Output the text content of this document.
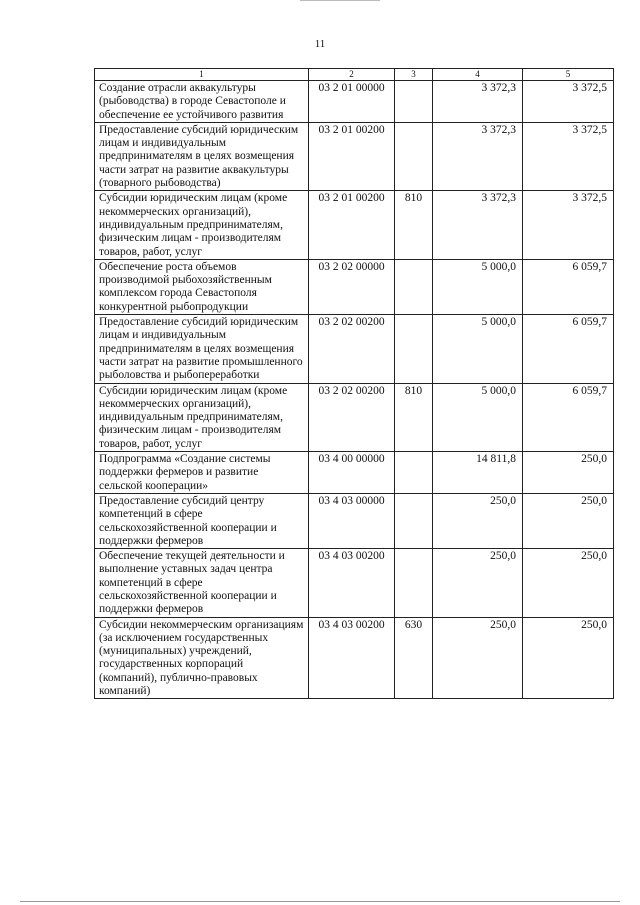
11
1	2	3	4	5
Создание отрасли аквакультуры (рыбоводства) в городе Севастополе и обеспечение ее устойчивого развития	03 2 01 00000		3 372,3	3 372,5
Предоставление субсидий юридическим лицам и индивидуальным предпринимателям в целях возмещения части затрат на развитие аквакультуры (товарного рыбоводства)	03 2 01 00200		3 372,3	3 372,5
Субсидии юридическим лицам (кроме некоммерческих организаций), индивидуальным предпринимателям, физическим лицам - производителям товаров, работ, услуг	03 2 01 00200	810	3 372,3	3 372,5
Обеспечение роста объемов производимой рыбохозяйственным комплексом города Севастополя конкурентной рыбопродукции	03 2 02 00000		5 000,0	6 059,7
Предоставление субсидий юридическим лицам и индивидуальным предпринимателям в целях возмещения части затрат на развитие промышленного рыболовства и рыбопереработки	03 2 02 00200		5 000,0	6 059,7
Субсидии юридическим лицам (кроме некоммерческих организаций), индивидуальным предпринимателям, физическим лицам - производителям товаров, работ, услуг	03 2 02 00200	810	5 000,0	6 059,7
Подпрограмма «Создание системы поддержки фермеров и развитие сельской кооперации»	03 4 00 00000		14 811,8	250,0
Предоставление субсидий центру компетенций в сфере сельскохозяйственной кооперации и поддержки фермеров	03 4 03 00000		250,0	250,0
Обеспечение текущей деятельности и выполнение уставных задач центра компетенций в сфере сельскохозяйственной кооперации и поддержки фермеров	03 4 03 00200		250,0	250,0
Субсидии некоммерческим организациям (за исключением государственных (муниципальных) учреждений, государственных корпораций (компаний), публично-правовых компаний)	03 4 03 00200	630	250,0	250,0
